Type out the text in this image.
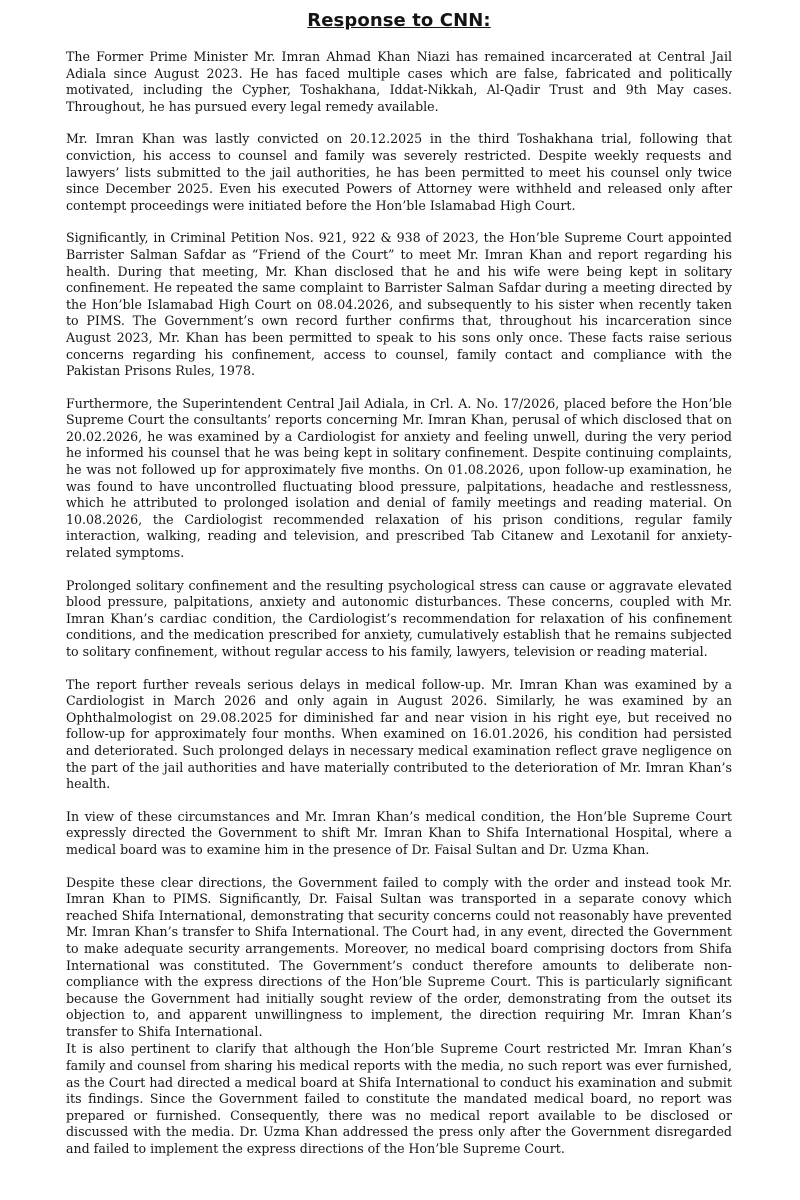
Response to CNN:

The Former Prime Minister Mr. Imran Ahmad Khan Niazi has remained incarcerated at Central Jail Adiala since August 2023. He has faced multiple cases which are false, fabricated and politically motivated, including the Cypher, Toshakhana, Iddat-Nikkah, Al-Qadir Trust and 9th May cases. Throughout, he has pursued every legal remedy available.

Mr. Imran Khan was lastly convicted on 20.12.2025 in the third Toshakhana trial, following that conviction, his access to counsel and family was severely restricted. Despite weekly requests and lawyers’ lists submitted to the jail authorities, he has been permitted to meet his counsel only twice since December 2025. Even his executed Powers of Attorney were withheld and released only after contempt proceedings were initiated before the Hon’ble Islamabad High Court.

Significantly, in Criminal Petition Nos. 921, 922 & 938 of 2023, the Hon’ble Supreme Court appointed Barrister Salman Safdar as “Friend of the Court” to meet Mr. Imran Khan and report regarding his health. During that meeting, Mr. Khan disclosed that he and his wife were being kept in solitary confinement. He repeated the same complaint to Barrister Salman Safdar during a meeting directed by the Hon’ble Islamabad High Court on 08.04.2026, and subsequently to his sister when recently taken to PIMS. The Government’s own record further confirms that, throughout his incarceration since August 2023, Mr. Khan has been permitted to speak to his sons only once. These facts raise serious concerns regarding his confinement, access to counsel, family contact and compliance with the Pakistan Prisons Rules, 1978.

Furthermore, the Superintendent Central Jail Adiala, in Crl. A. No. 17/2026, placed before the Hon’ble Supreme Court the consultants’ reports concerning Mr. Imran Khan, perusal of which disclosed that on 20.02.2026, he was examined by a Cardiologist for anxiety and feeling unwell, during the very period he informed his counsel that he was being kept in solitary confinement. Despite continuing complaints, he was not followed up for approximately five months. On 01.08.2026, upon follow-up examination, he was found to have uncontrolled fluctuating blood pressure, palpitations, headache and restlessness, which he attributed to prolonged isolation and denial of family meetings and reading material. On 10.08.2026, the Cardiologist recommended relaxation of his prison conditions, regular family interaction, walking, reading and television, and prescribed Tab Citanew and Lexotanil for anxiety-related symptoms.

Prolonged solitary confinement and the resulting psychological stress can cause or aggravate elevated blood pressure, palpitations, anxiety and autonomic disturbances. These concerns, coupled with Mr. Imran Khan’s cardiac condition, the Cardiologist’s recommendation for relaxation of his confinement conditions, and the medication prescribed for anxiety, cumulatively establish that he remains subjected to solitary confinement, without regular access to his family, lawyers, television or reading material.

The report further reveals serious delays in medical follow-up. Mr. Imran Khan was examined by a Cardiologist in March 2026 and only again in August 2026. Similarly, he was examined by an Ophthalmologist on 29.08.2025 for diminished far and near vision in his right eye, but received no follow-up for approximately four months. When examined on 16.01.2026, his condition had persisted and deteriorated. Such prolonged delays in necessary medical examination reflect grave negligence on the part of the jail authorities and have materially contributed to the deterioration of Mr. Imran Khan’s health.

In view of these circumstances and Mr. Imran Khan’s medical condition, the Hon’ble Supreme Court expressly directed the Government to shift Mr. Imran Khan to Shifa International Hospital, where a medical board was to examine him in the presence of Dr. Faisal Sultan and Dr. Uzma Khan.

Despite these clear directions, the Government failed to comply with the order and instead took Mr. Imran Khan to PIMS. Significantly, Dr. Faisal Sultan was transported in a separate conovy which reached Shifa International, demonstrating that security concerns could not reasonably have prevented Mr. Imran Khan’s transfer to Shifa International. The Court had, in any event, directed the Government to make adequate security arrangements. Moreover, no medical board comprising doctors from Shifa International was constituted. The Government’s conduct therefore amounts to deliberate non-compliance with the express directions of the Hon’ble Supreme Court. This is particularly significant because the Government had initially sought review of the order, demonstrating from the outset its objection to, and apparent unwillingness to implement, the direction requiring Mr. Imran Khan’s transfer to Shifa International.

It is also pertinent to clarify that although the Hon’ble Supreme Court restricted Mr. Imran Khan’s family and counsel from sharing his medical reports with the media, no such report was ever furnished, as the Court had directed a medical board at Shifa International to conduct his examination and submit its findings. Since the Government failed to constitute the mandated medical board, no report was prepared or furnished. Consequently, there was no medical report available to be disclosed or discussed with the media. Dr. Uzma Khan addressed the press only after the Government disregarded and failed to implement the express directions of the Hon’ble Supreme Court.
